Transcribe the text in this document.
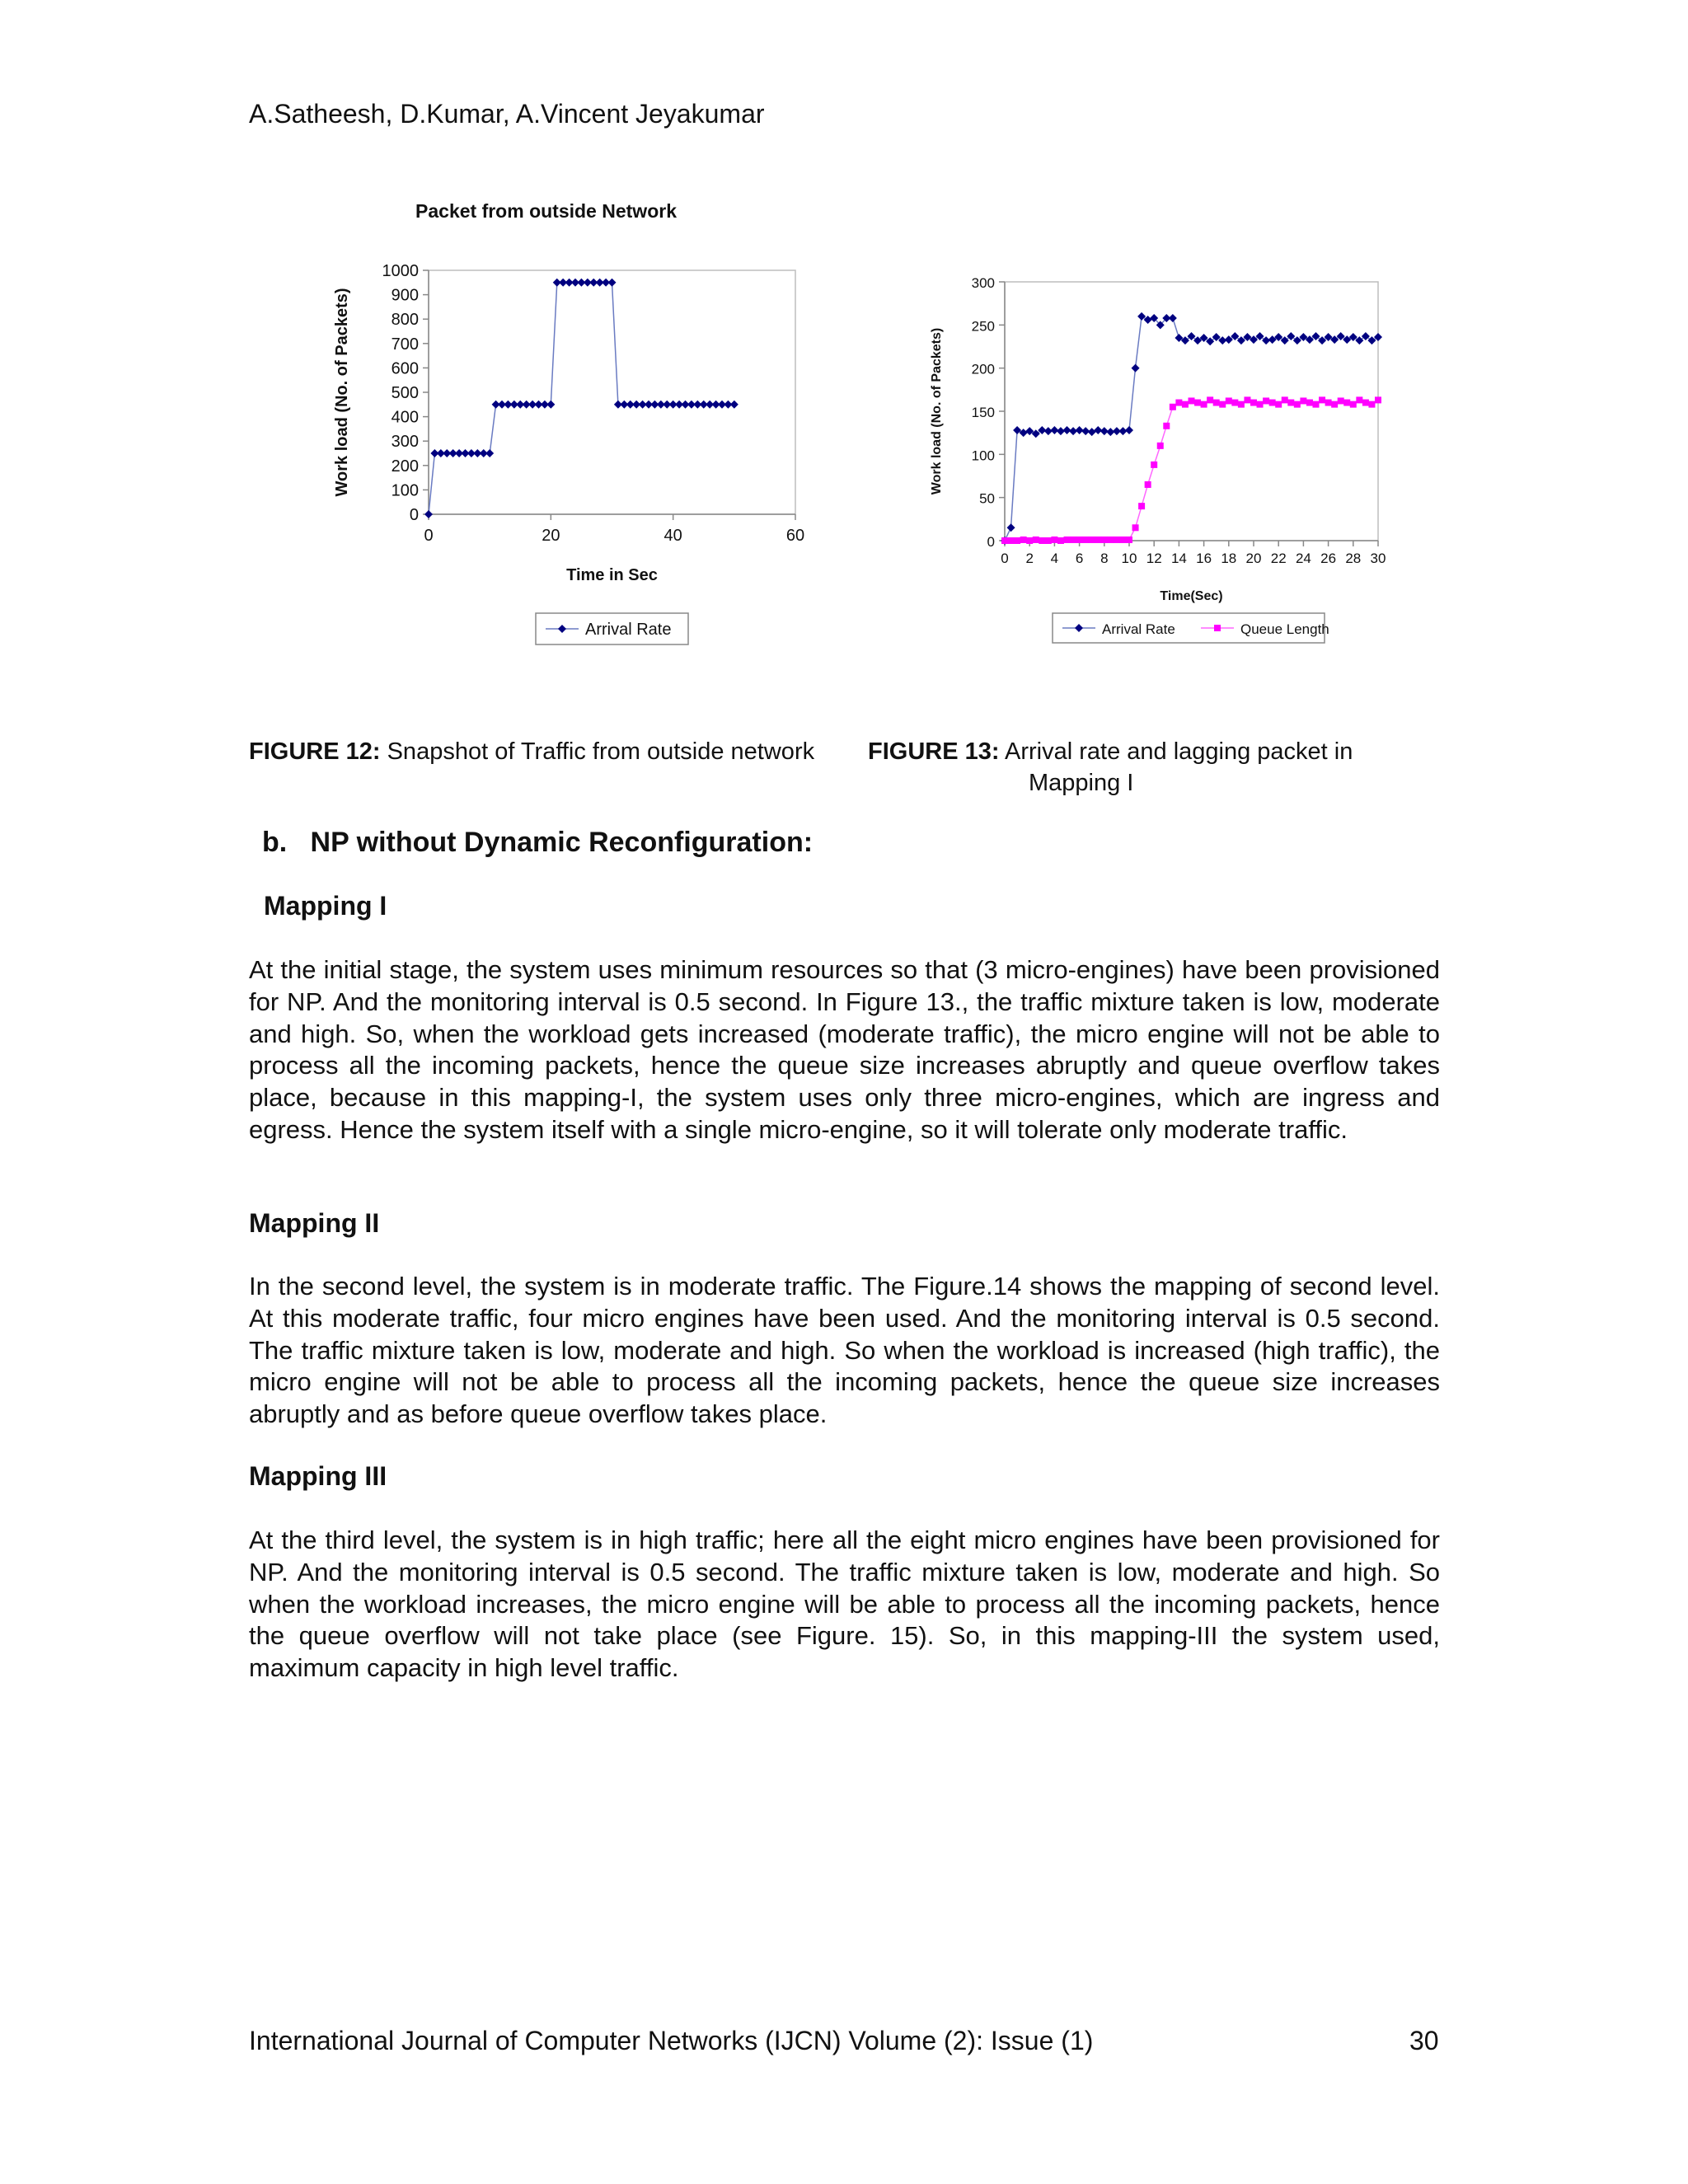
A.Satheesh, D.Kumar, A.Vincent Jeyakumar
Packet from outside Network
0
100
200
300
400
500
600
700
800
900
1000
0	20	40	60
Time in Sec
Work load (No. of Packets)
Arrival Rate
0
50
100
150
200
250
300
0 2 4 6 8 10 12 14 16 18 20 22 24 26 28 30
Time(Sec)
Work load (No. of Packets)
Arrival Rate	Queue Length
FIGURE 12: Snapshot of Traffic from outside network FIGURE 13: Arrival rate and lagging packet in
Mapping I
b.   NP without Dynamic Reconfiguration:
Mapping I
At the initial stage, the system uses minimum resources so that (3 micro-engines) have been provisioned for NP. And the monitoring interval is 0.5 second. In Figure 13., the traffic mixture taken is low, moderate and high. So, when the workload gets increased (moderate traffic), the micro engine will not be able to process all the incoming packets, hence the queue size increases abruptly and queue overflow takes place, because in this mapping-I, the system uses only three micro-engines, which are ingress and egress. Hence the system itself with a single micro-engine, so it will tolerate only moderate traffic.
Mapping II
In the second level, the system is in moderate traffic. The Figure.14 shows the mapping of second level. At this moderate traffic, four micro engines have been used. And the monitoring interval is 0.5 second. The traffic mixture taken is low, moderate and high. So when the workload is increased (high traffic), the micro engine will not be able to process all the incoming packets, hence the queue size increases abruptly and as before queue overflow takes place.
Mapping III
At the third level, the system is in high traffic; here all the eight micro engines have been provisioned for NP. And the monitoring interval is 0.5 second. The traffic mixture taken is low, moderate and high. So when the workload increases, the micro engine will be able to process all the incoming packets, hence the queue overflow will not take place (see Figure. 15). So, in this mapping-III the system used, maximum capacity in high level traffic.
International Journal of Computer Networks (IJCN) Volume (2): Issue (1)	30
